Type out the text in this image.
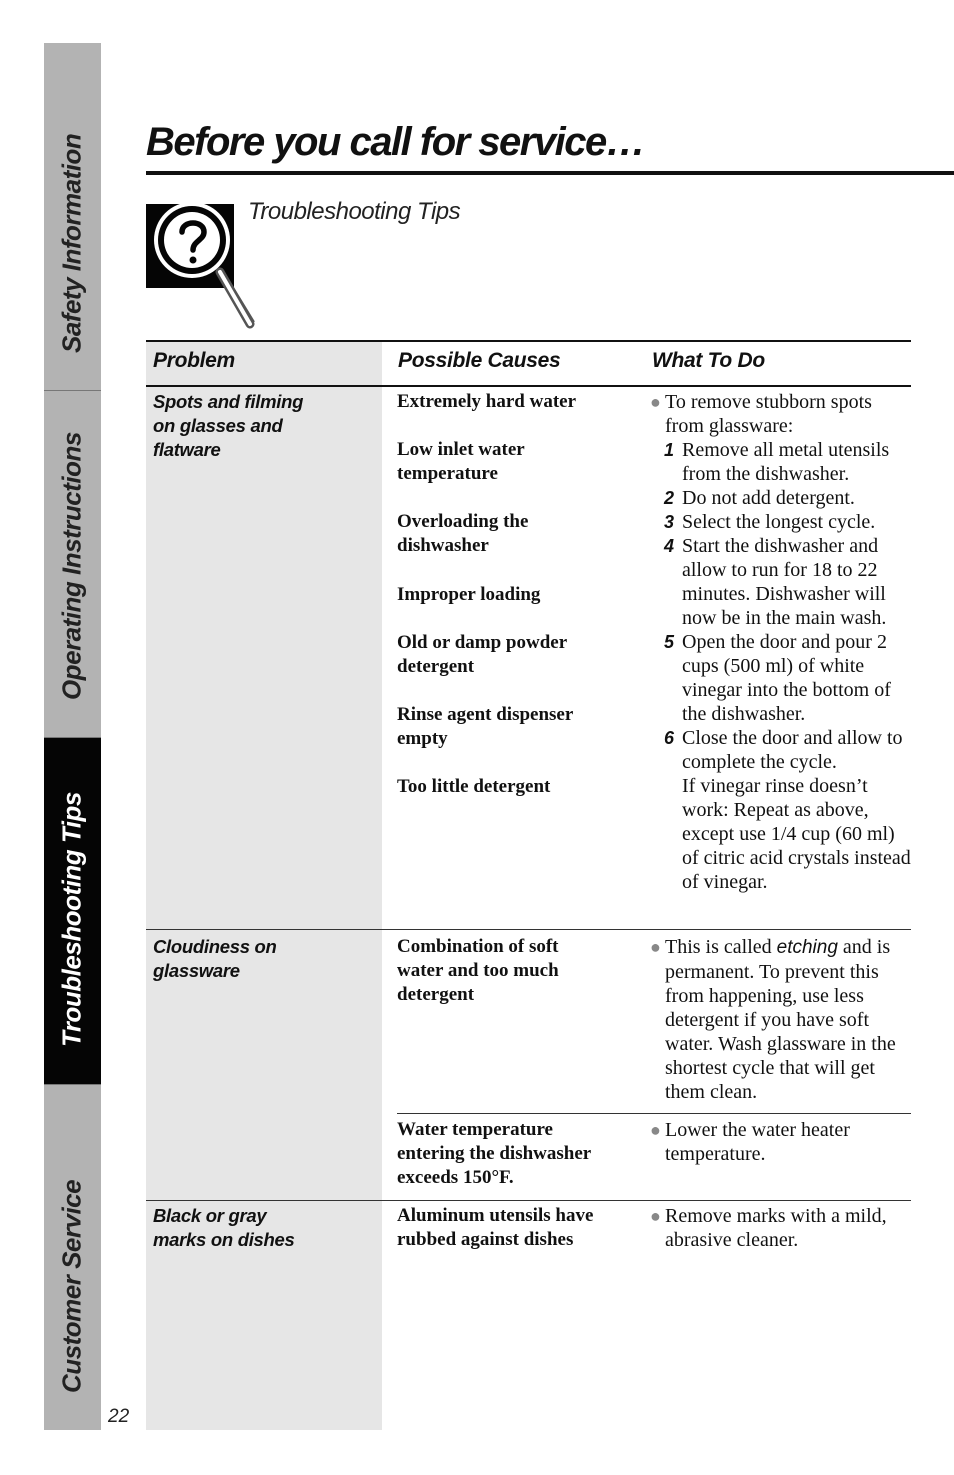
Safety Information
Operating Instructions
Troubleshooting Tips
Customer Service
22
Before you call for service…
Troubleshooting Tips
Problem	Possible Causes	What To Do
Spots and filming on glasses and flatware
Extremely hard water
Low inlet water temperature
Overloading the dishwasher
Improper loading
Old or damp powder detergent
Rinse agent dispenser empty
Too little detergent
● To remove stubborn spots from glassware:
1 Remove all metal utensils from the dishwasher.
2 Do not add detergent.
3 Select the longest cycle.
4 Start the dishwasher and allow to run for 18 to 22 minutes. Dishwasher will now be in the main wash.
5 Open the door and pour 2 cups (500 ml) of white vinegar into the bottom of the dishwasher.
6 Close the door and allow to complete the cycle.
If vinegar rinse doesn’t work: Repeat as above, except use 1/4 cup (60 ml) of citric acid crystals instead of vinegar.
Cloudiness on glassware
Combination of soft water and too much detergent
● This is called etching and is permanent. To prevent this from happening, use less detergent if you have soft water. Wash glassware in the shortest cycle that will get them clean.
Water temperature entering the dishwasher exceeds 150°F.
● Lower the water heater temperature.
Black or gray marks on dishes
Aluminum utensils have rubbed against dishes
● Remove marks with a mild, abrasive cleaner.
